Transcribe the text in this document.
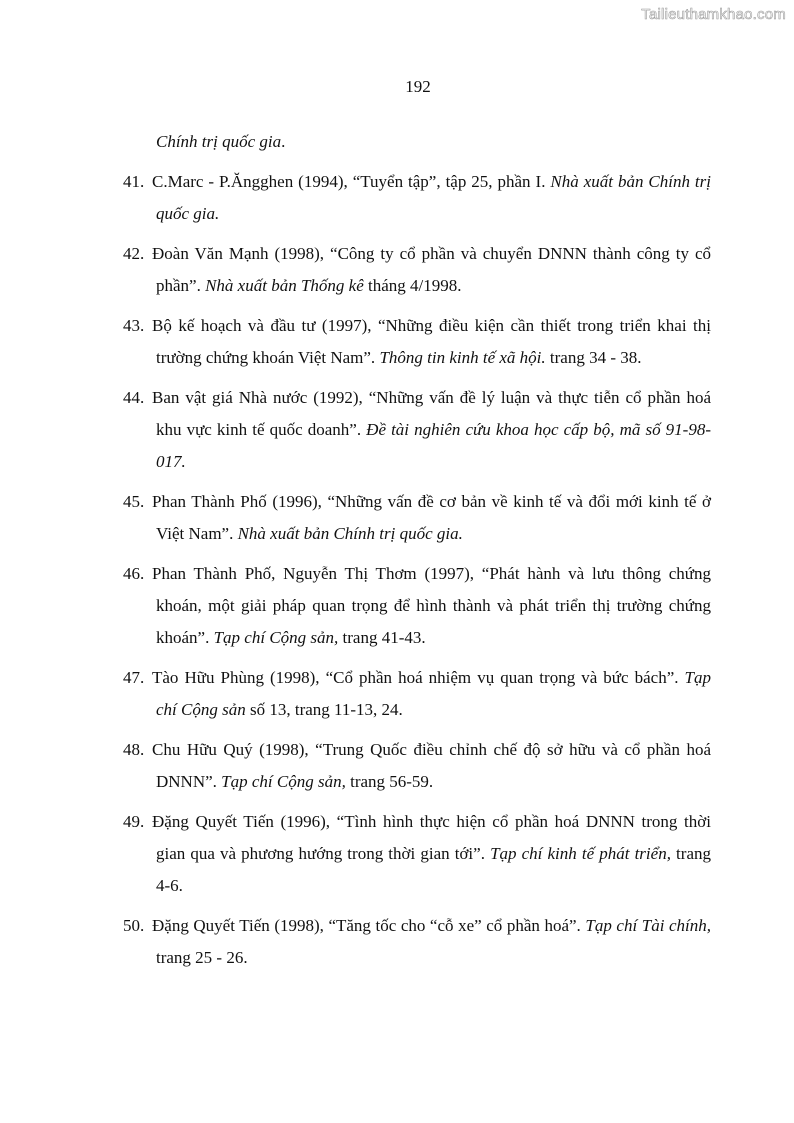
Tailieuthamkhao.com
192

Chính trị quốc gia.

41. C.Marc - P.Ăngghen (1994), “Tuyển tập”, tập 25, phần I. Nhà xuất bản Chính trị quốc gia.

42. Đoàn Văn Mạnh (1998), “Công ty cổ phần và chuyển DNNN thành công ty cổ phần”. Nhà xuất bản Thống kê tháng 4/1998.

43. Bộ kế hoạch và đầu tư (1997), “Những điều kiện cần thiết trong triển khai thị trường chứng khoán Việt Nam”. Thông tin kinh tế xã hội. trang 34 - 38.

44. Ban vật giá Nhà nước (1992), “Những vấn đề lý luận và thực tiễn cổ phần hoá khu vực kinh tế quốc doanh”. Đề tài nghiên cứu khoa học cấp bộ, mã số 91-98-017.

45. Phan Thành Phố (1996), “Những vấn đề cơ bản về kinh tế và đổi mới kinh tế ở Việt Nam”. Nhà xuất bản Chính trị quốc gia.

46. Phan Thành Phố, Nguyễn Thị Thơm (1997), “Phát hành và lưu thông chứng khoán, một giải pháp quan trọng để hình thành và phát triển thị trường chứng khoán”. Tạp chí Cộng sản, trang 41-43.

47. Tào Hữu Phùng (1998), “Cổ phần hoá nhiệm vụ quan trọng và bức bách”. Tạp chí Cộng sản số 13, trang 11-13, 24.

48. Chu Hữu Quý (1998), “Trung Quốc điều chỉnh chế độ sở hữu và cổ phần hoá DNNN”. Tạp chí Cộng sản, trang 56-59.

49. Đặng Quyết Tiến (1996), “Tình hình thực hiện cổ phần hoá DNNN trong thời gian qua và phương hướng trong thời gian tới”. Tạp chí kinh tế phát triển, trang 4-6.

50. Đặng Quyết Tiến (1998), “Tăng tốc cho “cỗ xe” cổ phần hoá”. Tạp chí Tài chính, trang 25 - 26.
